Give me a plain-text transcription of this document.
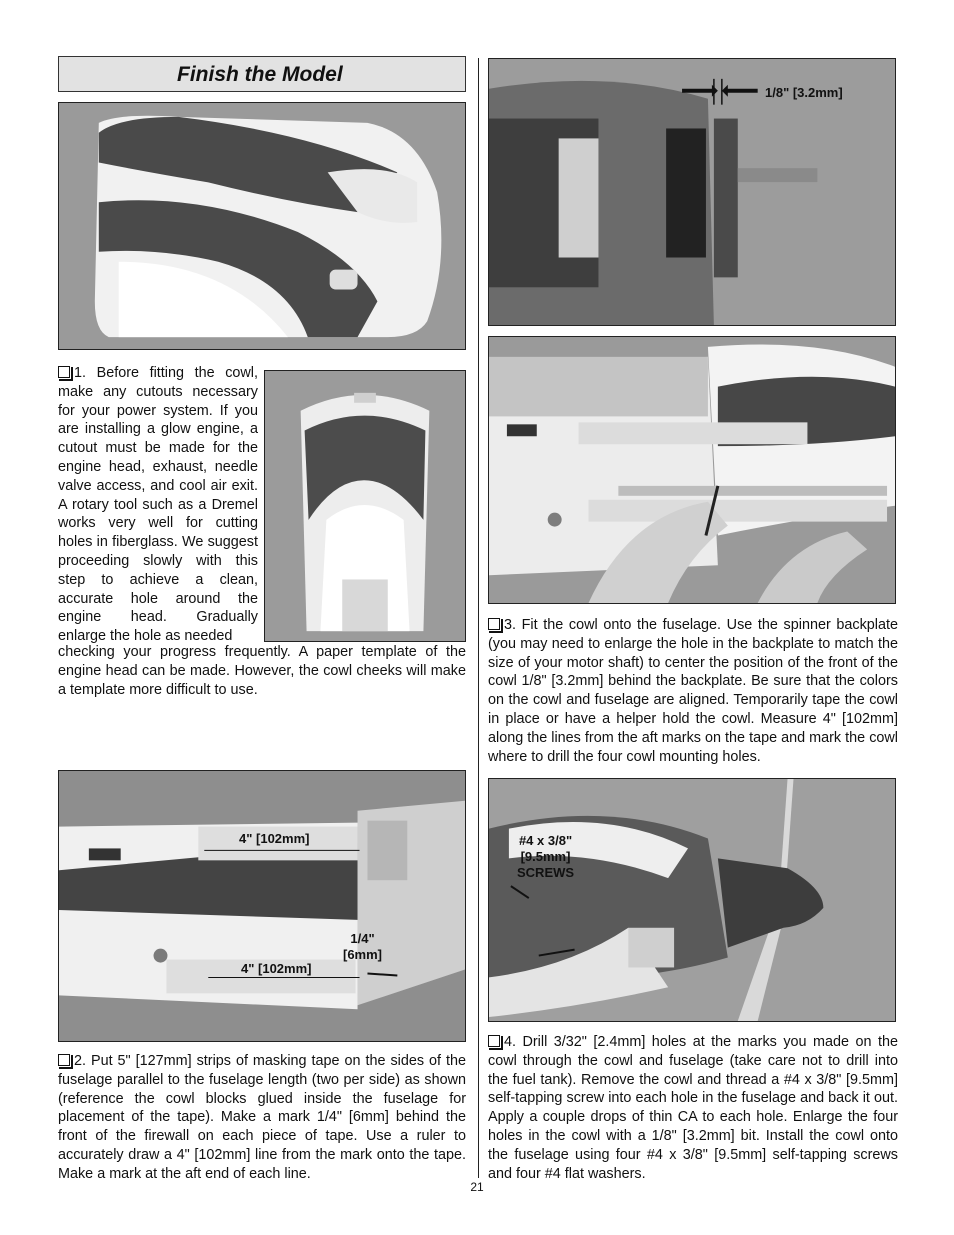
Finish the Model
1. Before fitting the cowl, make any cutouts necessary for your power system. If you are installing a glow engine, a cutout must be made for the engine head, exhaust, needle valve access, and cool air exit. A rotary tool such as a Dremel works very well for cutting holes in fiberglass. We suggest proceeding slowly with this step to achieve a clean, accurate hole around the engine head. Gradually enlarge the hole as needed
checking your progress frequently. A paper template of the engine head can be made. However, the cowl cheeks will make a template more difficult to use.
4" [102mm]
4" [102mm]
1/4"
[6mm]
2. Put 5" [127mm] strips of masking tape on the sides of the fuselage parallel to the fuselage length (two per side) as shown (reference the cowl blocks glued inside the fuselage for placement of the tape). Make a mark 1/4" [6mm] behind the front of the firewall on each piece of tape. Use a ruler to accurately draw a 4" [102mm] line from the mark onto the tape. Make a mark at the aft end of each line.
1/8" [3.2mm]
3. Fit the cowl onto the fuselage. Use the spinner backplate (you may need to enlarge the hole in the backplate to match the size of your motor shaft) to center the position of the front of the cowl 1/8" [3.2mm] behind the backplate. Be sure that the colors on the cowl and fuselage are aligned. Temporarily tape the cowl in place or have a helper hold the cowl. Measure 4" [102mm] along the lines from the aft marks on the tape and mark the cowl where to drill the four cowl mounting holes.
#4 x 3/8"
[9.5mm]
SCREWS
4. Drill 3/32" [2.4mm] holes at the marks you made on the cowl through the cowl and fuselage (take care not to drill into the fuel tank). Remove the cowl and thread a #4 x 3/8" [9.5mm] self-tapping screw into each hole in the fuselage and back it out. Apply a couple drops of thin CA to each hole. Enlarge the four holes in the cowl with a 1/8" [3.2mm] bit. Install the cowl onto the fuselage using four #4 x 3/8" [9.5mm] self-tapping screws and four #4 flat washers.
21
